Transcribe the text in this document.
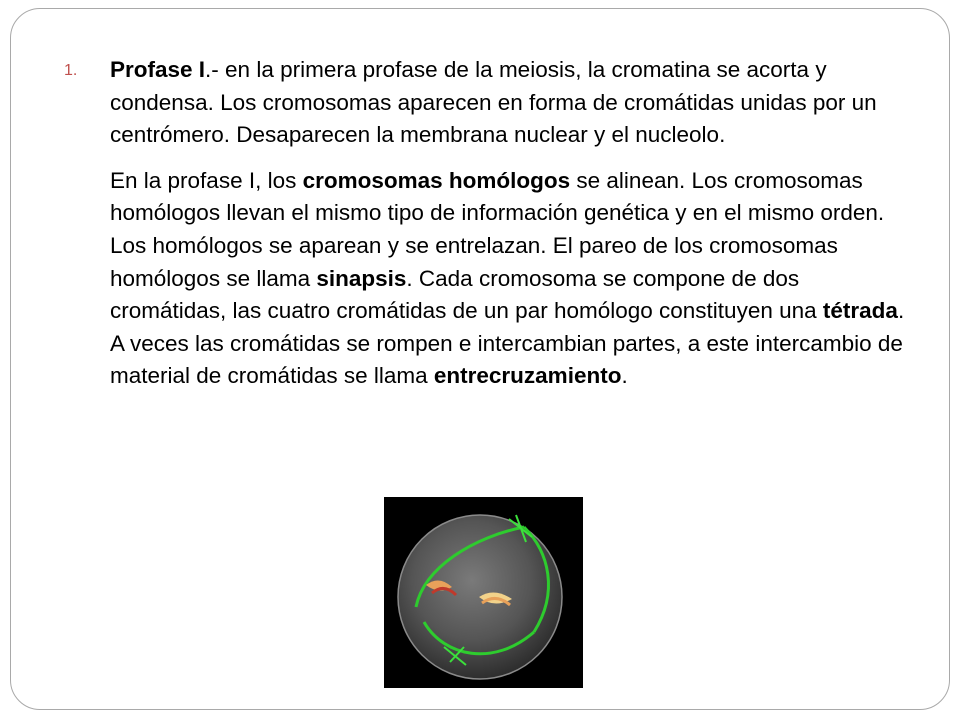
1. Profase I.- en la primera profase de la meiosis, la cromatina se acorta y condensa. Los cromosomas aparecen en forma de cromátidas unidas por un centrómero. Desaparecen la membrana nuclear y el nucleolo.

En la profase I, los cromosomas homólogos se alinean. Los cromosomas homólogos llevan el mismo tipo de información genética y en el mismo orden. Los homólogos se aparean y se entrelazan. El pareo de los cromosomas homólogos se llama sinapsis. Cada cromosoma se compone de dos cromátidas, las cuatro cromátidas de un par homólogo constituyen una tétrada. A veces las cromátidas se rompen e intercambian partes, a este intercambio de material de cromátidas se llama entrecruzamiento.
